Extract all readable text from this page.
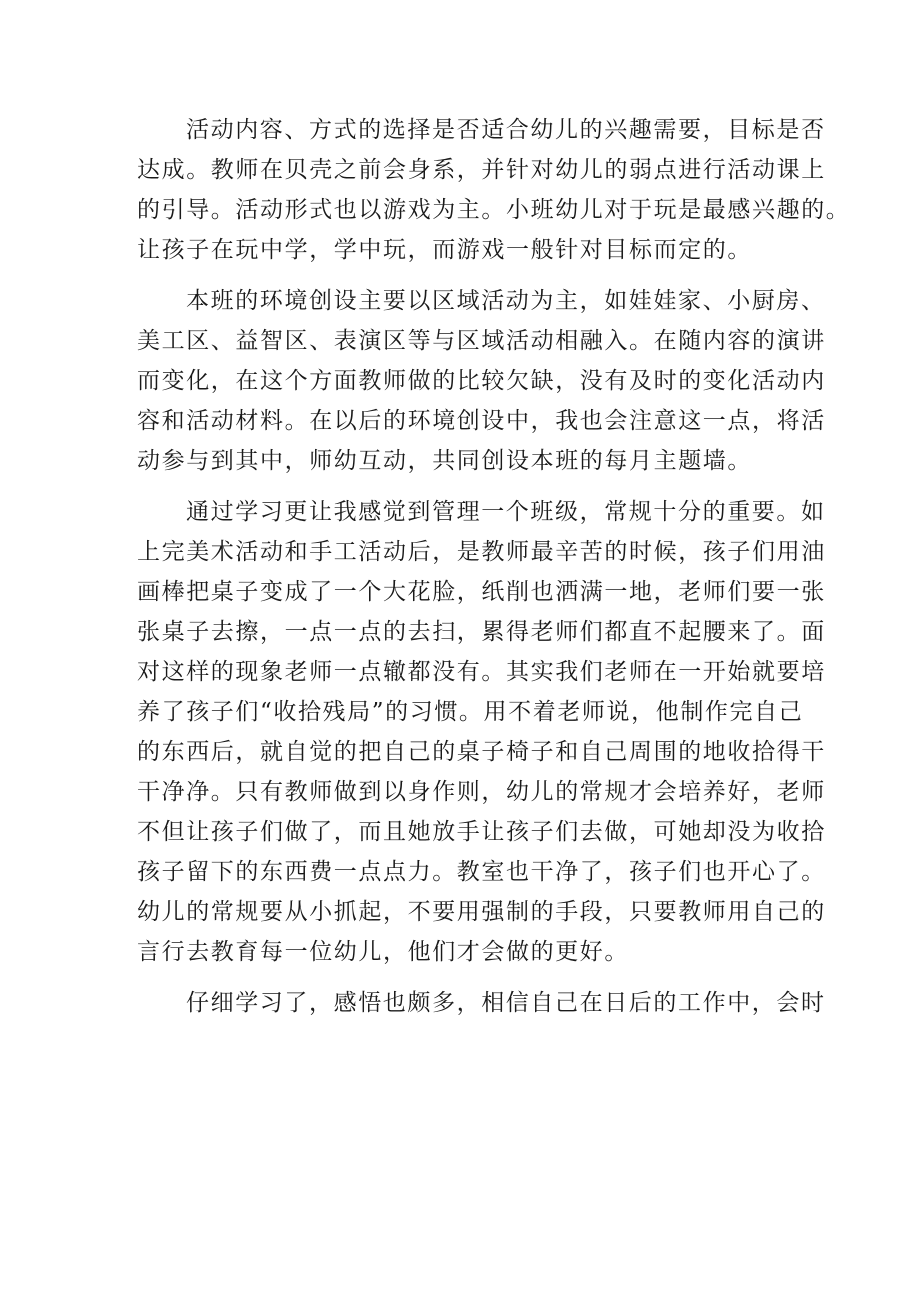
活动内容、方式的选择是否适合幼儿的兴趣需要，目标是否
达成。教师在贝壳之前会身系，并针对幼儿的弱点进行活动课上
的引导。活动形式也以游戏为主。小班幼儿对于玩是最感兴趣的。
让孩子在玩中学，学中玩，而游戏一般针对目标而定的。

本班的环境创设主要以区域活动为主，如娃娃家、小厨房、
美工区、益智区、表演区等与区域活动相融入。在随内容的演讲
而变化，在这个方面教师做的比较欠缺，没有及时的变化活动内
容和活动材料。在以后的环境创设中，我也会注意这一点，将活
动参与到其中，师幼互动，共同创设本班的每月主题墙。

通过学习更让我感觉到管理一个班级，常规十分的重要。如
上完美术活动和手工活动后，是教师最辛苦的时候，孩子们用油
画棒把桌子变成了一个大花脸，纸削也洒满一地，老师们要一张
张桌子去擦，一点一点的去扫，累得老师们都直不起腰来了。面
对这样的现象老师一点辙都没有。其实我们老师在一开始就要培
养了孩子们“收拾残局”的习惯。用不着老师说，他制作完自己
的东西后，就自觉的把自己的桌子椅子和自己周围的地收拾得干
干净净。只有教师做到以身作则，幼儿的常规才会培养好，老师
不但让孩子们做了，而且她放手让孩子们去做，可她却没为收拾
孩子留下的东西费一点点力。教室也干净了，孩子们也开心了。
幼儿的常规要从小抓起，不要用强制的手段，只要教师用自己的
言行去教育每一位幼儿，他们才会做的更好。

仔细学习了，感悟也颇多，相信自己在日后的工作中，会时
